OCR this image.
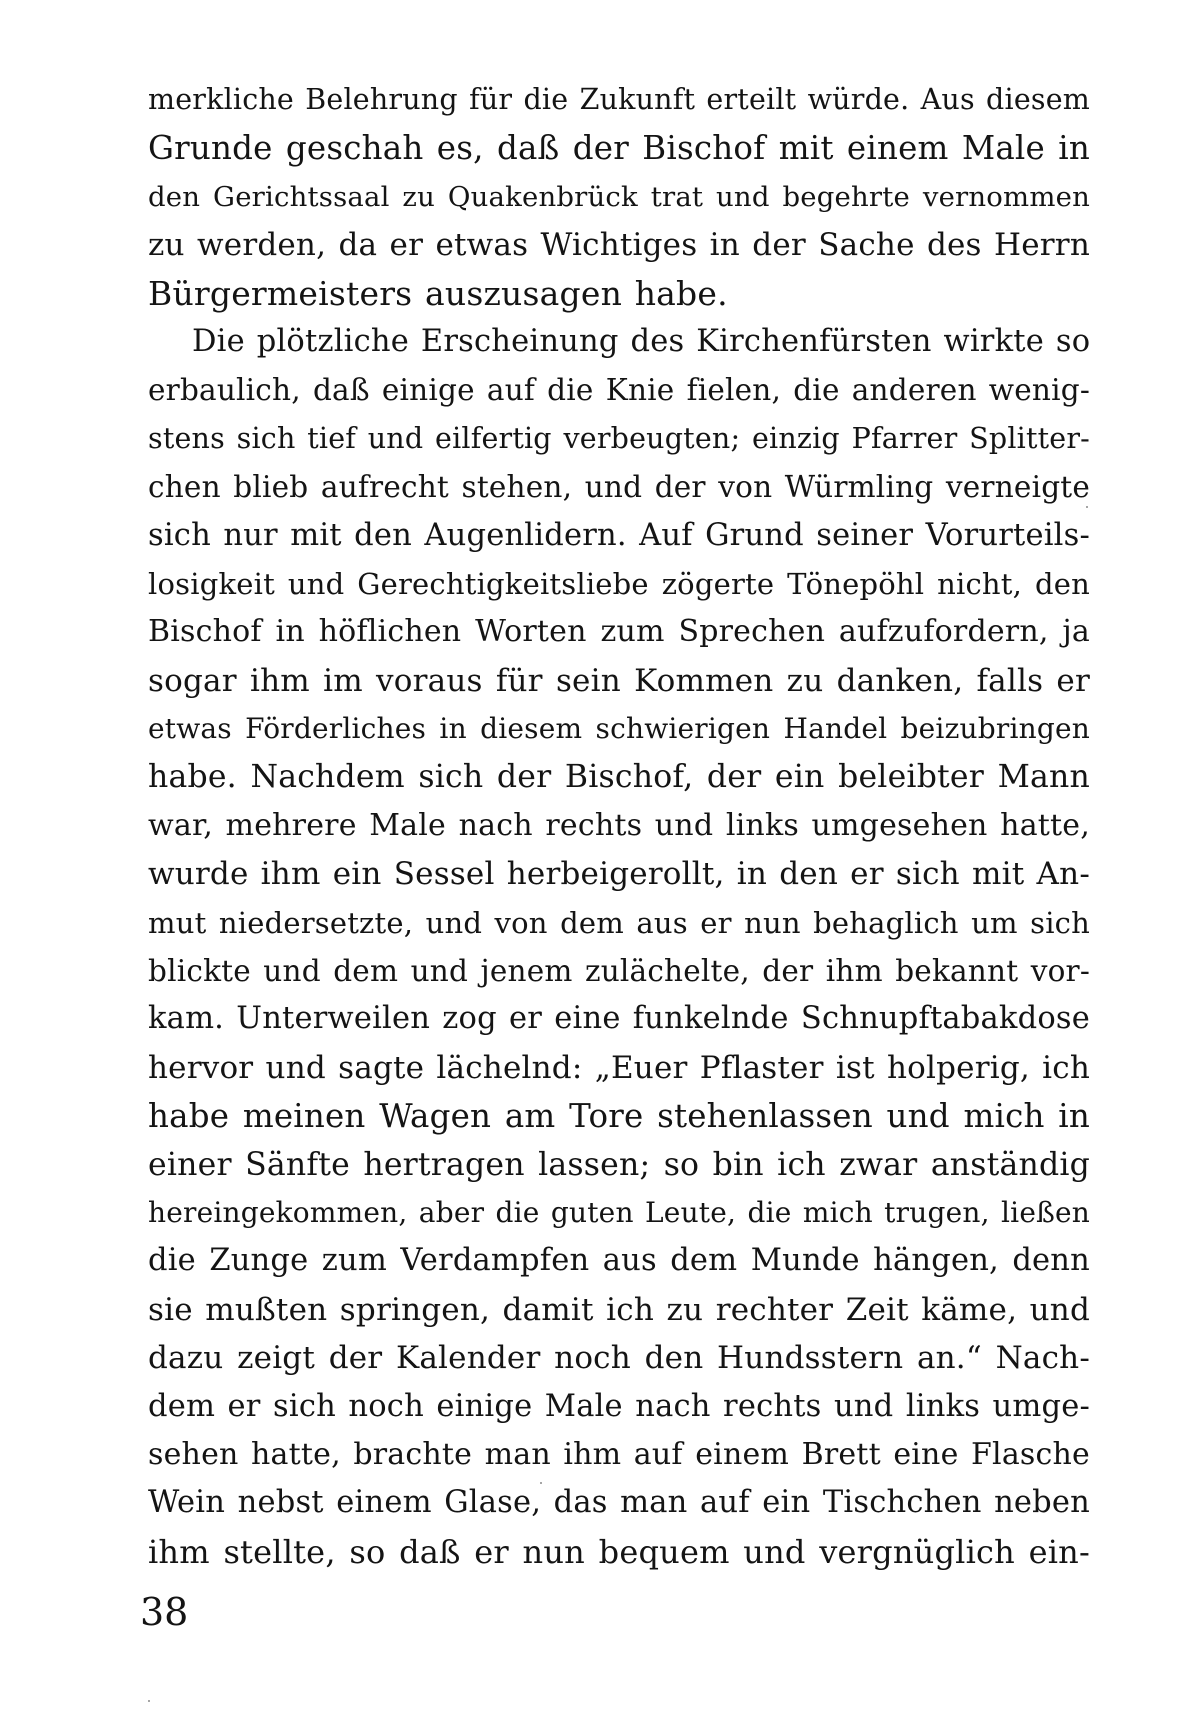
merkliche Belehrung für die Zukunft erteilt würde. Aus diesem
Grunde geschah es, daß der Bischof mit einem Male in
den Gerichtssaal zu Quakenbrück trat und begehrte vernommen
zu werden, da er etwas Wichtiges in der Sache des Herrn
Bürgermeisters auszusagen habe.
Die plötzliche Erscheinung des Kirchenfürsten wirkte so
erbaulich, daß einige auf die Knie fielen, die anderen wenig-
stens sich tief und eilfertig verbeugten; einzig Pfarrer Splitter-
chen blieb aufrecht stehen, und der von Würmling verneigte
sich nur mit den Augenlidern. Auf Grund seiner Vorurteils-
losigkeit und Gerechtigkeitsliebe zögerte Tönepöhl nicht, den
Bischof in höflichen Worten zum Sprechen aufzufordern, ja
sogar ihm im voraus für sein Kommen zu danken, falls er
etwas Förderliches in diesem schwierigen Handel beizubringen
habe. Nachdem sich der Bischof, der ein beleibter Mann
war, mehrere Male nach rechts und links umgesehen hatte,
wurde ihm ein Sessel herbeigerollt, in den er sich mit An-
mut niedersetzte, und von dem aus er nun behaglich um sich
blickte und dem und jenem zulächelte, der ihm bekannt vor-
kam. Unterweilen zog er eine funkelnde Schnupftabakdose
hervor und sagte lächelnd: „Euer Pflaster ist holperig, ich
habe meinen Wagen am Tore stehenlassen und mich in
einer Sänfte hertragen lassen; so bin ich zwar anständig
hereingekommen, aber die guten Leute, die mich trugen, ließen
die Zunge zum Verdampfen aus dem Munde hängen, denn
sie mußten springen, damit ich zu rechter Zeit käme, und
dazu zeigt der Kalender noch den Hundsstern an.“ Nach-
dem er sich noch einige Male nach rechts und links umge-
sehen hatte, brachte man ihm auf einem Brett eine Flasche
Wein nebst einem Glase, das man auf ein Tischchen neben
ihm stellte, so daß er nun bequem und vergnüglich ein-
38
